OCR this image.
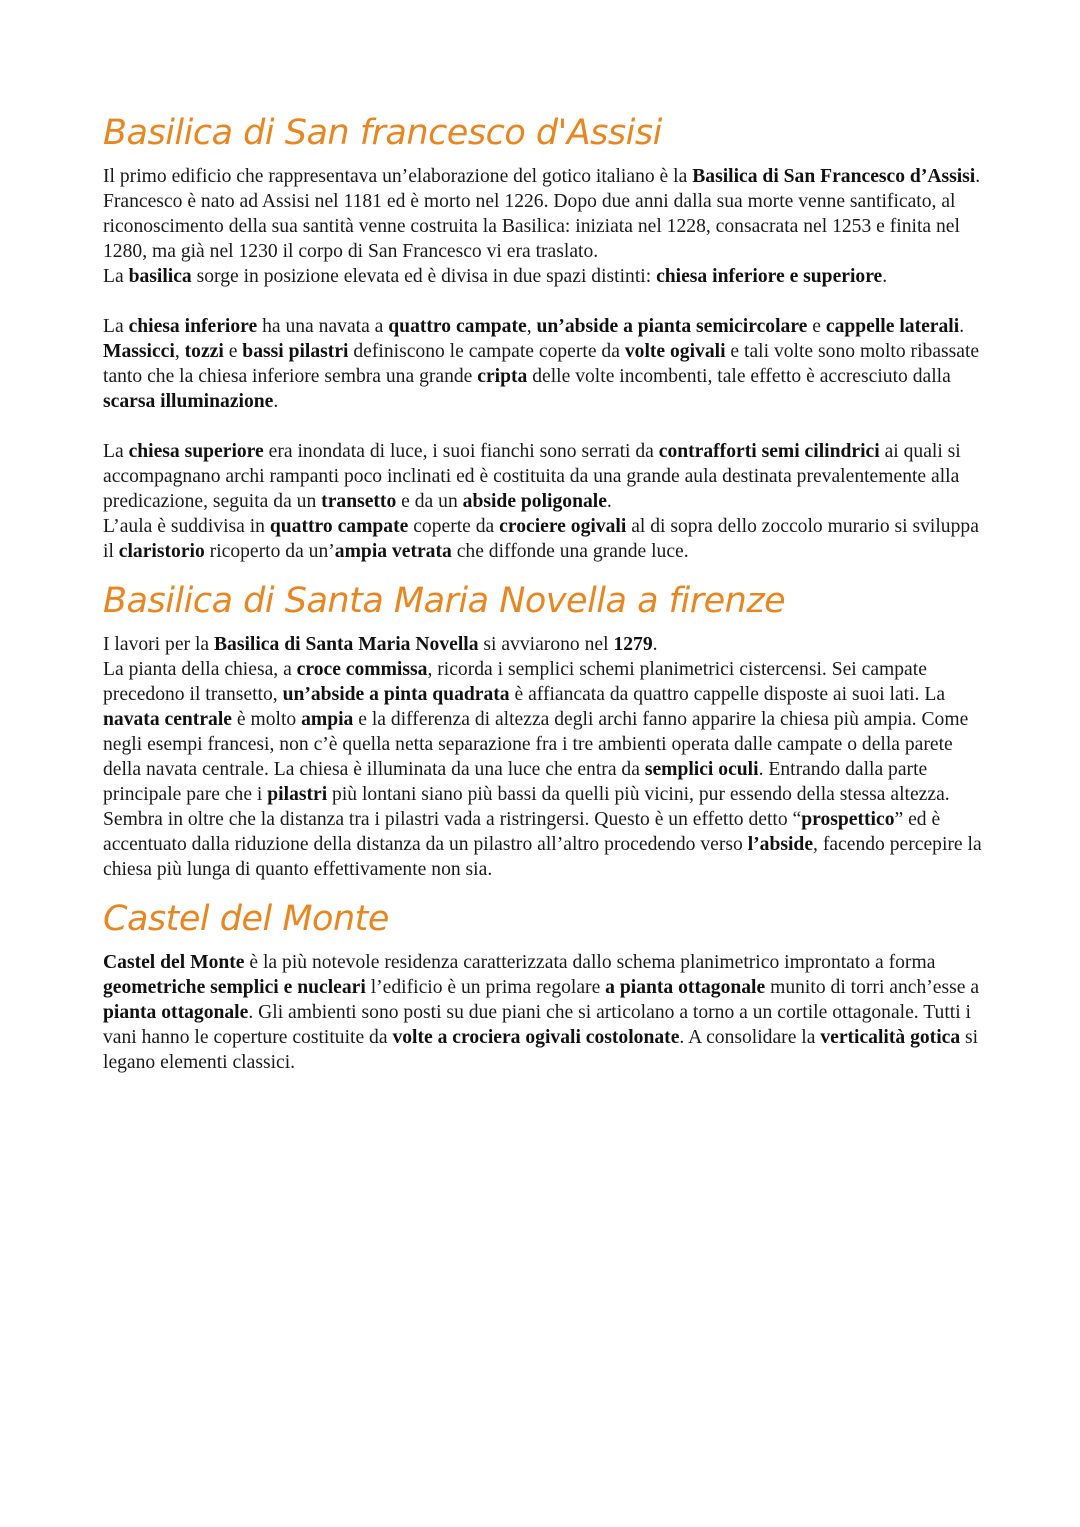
Basilica di San francesco d'Assisi

Il primo edificio che rappresentava un’elaborazione del gotico italiano è la Basilica di San Francesco d’Assisi.

Francesco è nato ad Assisi nel 1181 ed è morto nel 1226. Dopo due anni dalla sua morte venne santificato, al riconoscimento della sua santità venne costruita la Basilica: iniziata nel 1228, consacrata nel 1253 e finita nel 1280, ma già nel 1230 il corpo di San Francesco vi era traslato.

La basilica sorge in posizione elevata ed è divisa in due spazi distinti: chiesa inferiore e superiore.

La chiesa inferiore ha una navata a quattro campate, un’abside a pianta semicircolare e cappelle laterali. Massicci, tozzi e bassi pilastri definiscono le campate coperte da volte ogivali e tali volte sono molto ribassate tanto che la chiesa inferiore sembra una grande cripta delle volte incombenti, tale effetto è accresciuto dalla scarsa illuminazione.

La chiesa superiore era inondata di luce, i suoi fianchi sono serrati da contrafforti semi cilindrici ai quali si accompagnano archi rampanti poco inclinati ed è costituita da una grande aula destinata prevalentemente alla predicazione, seguita da un transetto e da un abside poligonale.

L’aula è suddivisa in quattro campate coperte da crociere ogivali al di sopra dello zoccolo murario si sviluppa il claristorio ricoperto da un’ampia vetrata che diffonde una grande luce.

Basilica di Santa Maria Novella a firenze

I lavori per la Basilica di Santa Maria Novella si avviarono nel 1279.

La pianta della chiesa, a croce commissa, ricorda i semplici schemi planimetrici cistercensi. Sei campate precedono il transetto, un’abside a pinta quadrata è affiancata da quattro cappelle disposte ai suoi lati. La navata centrale è molto ampia e la differenza di altezza degli archi fanno apparire la chiesa più ampia. Come negli esempi francesi, non c’è quella netta separazione fra i tre ambienti operata dalle campate o della parete della navata centrale. La chiesa è illuminata da una luce che entra da semplici oculi. Entrando dalla parte principale pare che i pilastri più lontani siano più bassi da quelli più vicini, pur essendo della stessa altezza. Sembra in oltre che la distanza tra i pilastri vada a ristringersi. Questo è un effetto detto “prospettico” ed è accentuato dalla riduzione della distanza da un pilastro all’altro procedendo verso l’abside, facendo percepire la chiesa più lunga di quanto effettivamente non sia.

Castel del Monte

Castel del Monte è la più notevole residenza caratterizzata dallo schema planimetrico improntato a forma geometriche semplici e nucleari l’edificio è un prima regolare a pianta ottagonale munito di torri anch’esse a pianta ottagonale. Gli ambienti sono posti su due piani che si articolano a torno a un cortile ottagonale. Tutti i vani hanno le coperture costituite da volte a crociera ogivali costolonate. A consolidare la verticalità gotica si legano elementi classici.
